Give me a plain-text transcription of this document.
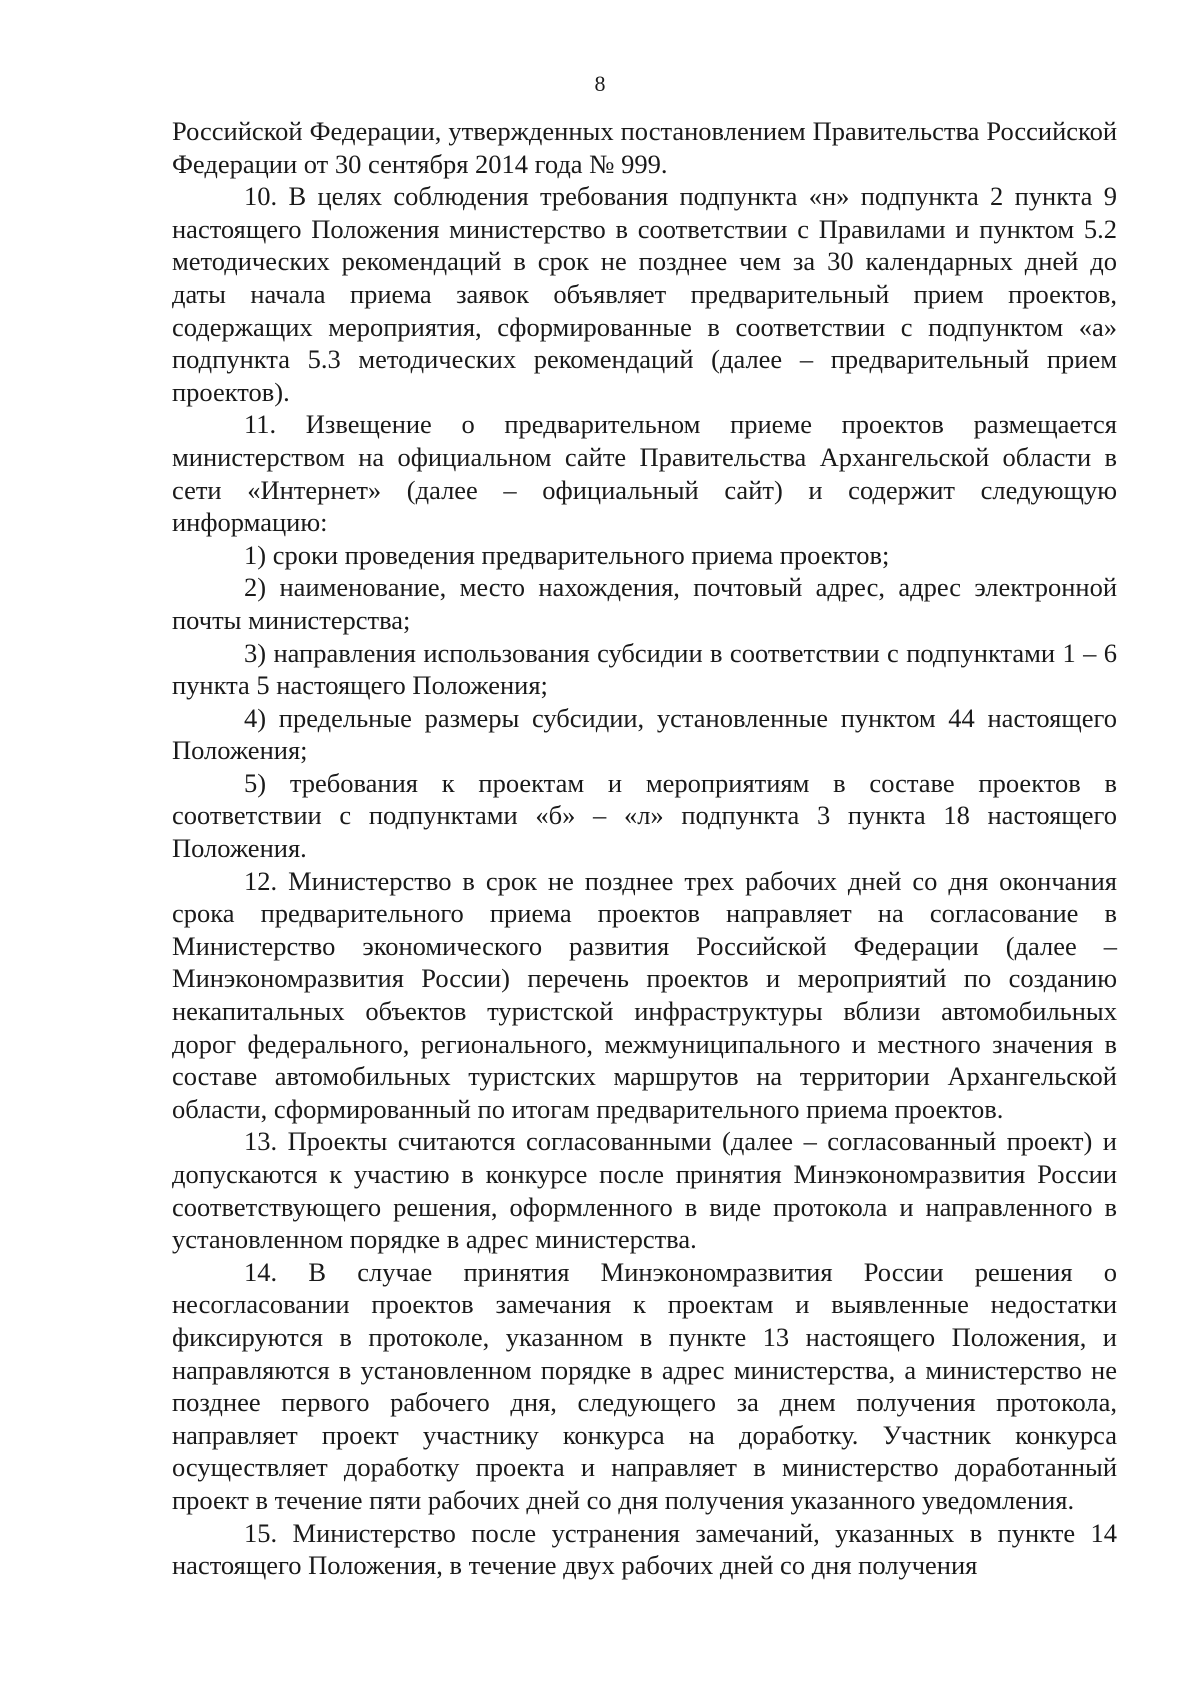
8

Российской Федерации, утвержденных постановлением Правительства Российской Федерации от 30 сентября 2014 года № 999.

10. В целях соблюдения требования подпункта «н» подпункта 2 пункта 9 настоящего Положения министерство в соответствии с Правилами и пунктом 5.2 методических рекомендаций в срок не позднее чем за 30 календарных дней до даты начала приема заявок объявляет предварительный прием проектов, содержащих мероприятия, сформированные в соответствии с подпунктом «а» подпункта 5.3 методических рекомендаций (далее – предварительный прием проектов).

11. Извещение о предварительном приеме проектов размещается министерством на официальном сайте Правительства Архангельской области в сети «Интернет» (далее – официальный сайт) и содержит следующую информацию:

1) сроки проведения предварительного приема проектов;

2) наименование, место нахождения, почтовый адрес, адрес электронной почты министерства;

3) направления использования субсидии в соответствии с подпунктами 1 – 6 пункта 5 настоящего Положения;

4) предельные размеры субсидии, установленные пунктом 44 настоящего Положения;

5) требования к проектам и мероприятиям в составе проектов в соответствии с подпунктами «б» – «л» подпункта 3 пункта 18 настоящего Положения.

12. Министерство в срок не позднее трех рабочих дней со дня окончания срока предварительного приема проектов направляет на согласование в Министерство экономического развития Российской Федерации (далее – Минэкономразвития России) перечень проектов и мероприятий по созданию некапитальных объектов туристской инфраструктуры вблизи автомобильных дорог федерального, регионального, межмуниципального и местного значения в составе автомобильных туристских маршрутов на территории Архангельской области, сформированный по итогам предварительного приема проектов.

13. Проекты считаются согласованными (далее – согласованный проект) и допускаются к участию в конкурсе после принятия Минэкономразвития России соответствующего решения, оформленного в виде протокола и направленного в установленном порядке в адрес министерства.

14. В случае принятия Минэкономразвития России решения о несогласовании проектов замечания к проектам и выявленные недостатки фиксируются в протоколе, указанном в пункте 13 настоящего Положения, и направляются в установленном порядке в адрес министерства, а министерство не позднее первого рабочего дня, следующего за днем получения протокола, направляет проект участнику конкурса на доработку. Участник конкурса осуществляет доработку проекта и направляет в министерство доработанный проект в течение пяти рабочих дней со дня получения указанного уведомления.

15. Министерство после устранения замечаний, указанных в пункте 14 настоящего Положения, в течение двух рабочих дней со дня получения
